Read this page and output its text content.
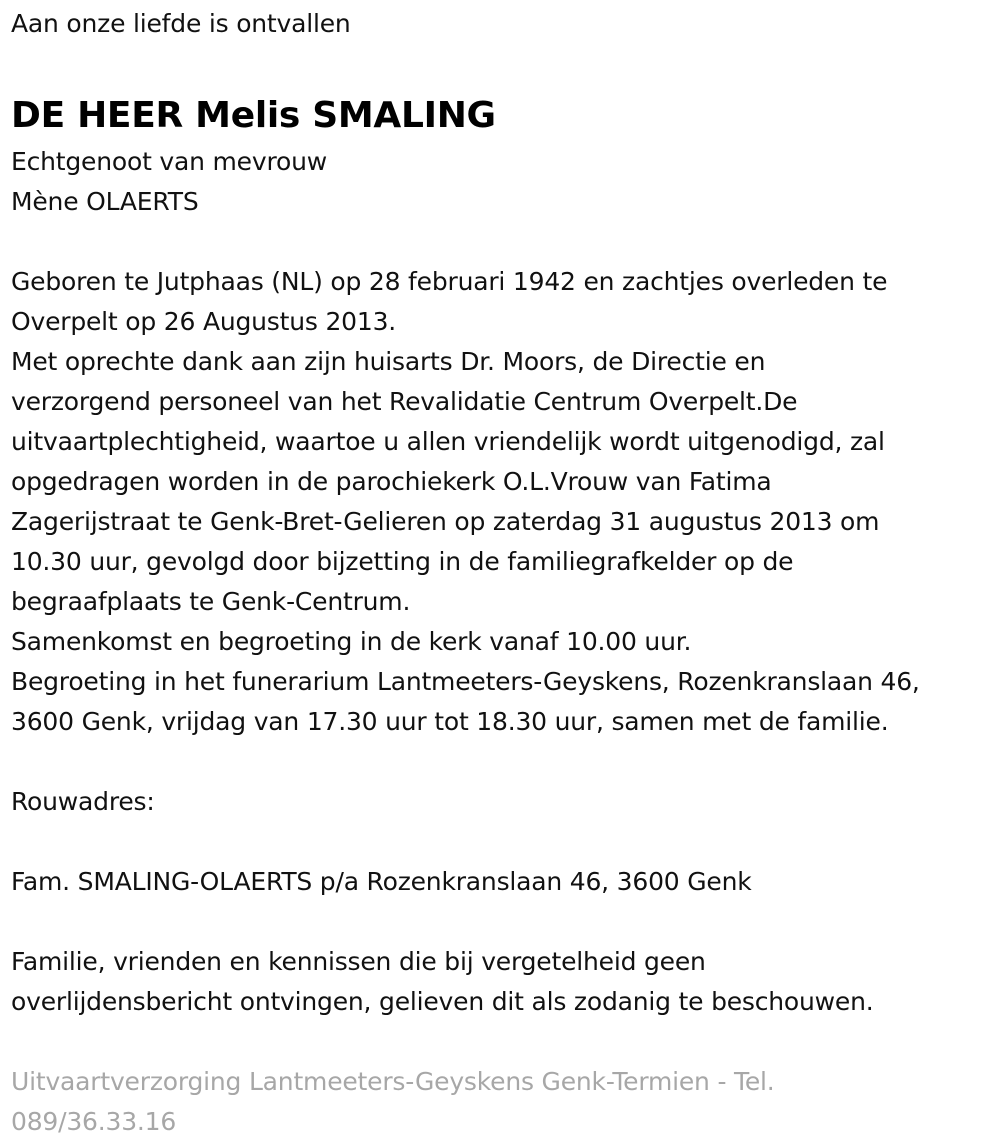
Aan onze liefde is ontvallen
DE HEER Melis SMALING
Echtgenoot van mevrouw
Mène OLAERTS
Geboren te Jutphaas (NL) op 28 februari 1942 en zachtjes overleden te
Overpelt op 26 Augustus 2013.
Met oprechte dank aan zijn huisarts Dr. Moors, de Directie en
verzorgend personeel van het Revalidatie Centrum Overpelt.De
uitvaartplechtigheid, waartoe u allen vriendelijk wordt uitgenodigd, zal
opgedragen worden in de parochiekerk O.L.Vrouw van Fatima
Zagerijstraat te Genk-Bret-Gelieren op zaterdag 31 augustus 2013 om
10.30 uur, gevolgd door bijzetting in de familiegrafkelder op de
begraafplaats te Genk-Centrum.
Samenkomst en begroeting in de kerk vanaf 10.00 uur.
Begroeting in het funerarium Lantmeeters-Geyskens, Rozenkranslaan 46,
3600 Genk, vrijdag van 17.30 uur tot 18.30 uur, samen met de familie.
Rouwadres:
Fam. SMALING-OLAERTS p/a Rozenkranslaan 46, 3600 Genk
Familie, vrienden en kennissen die bij vergetelheid geen
overlijdensbericht ontvingen, gelieven dit als zodanig te beschouwen.
Uitvaartverzorging Lantmeeters-Geyskens Genk-Termien - Tel.
089/36.33.16
